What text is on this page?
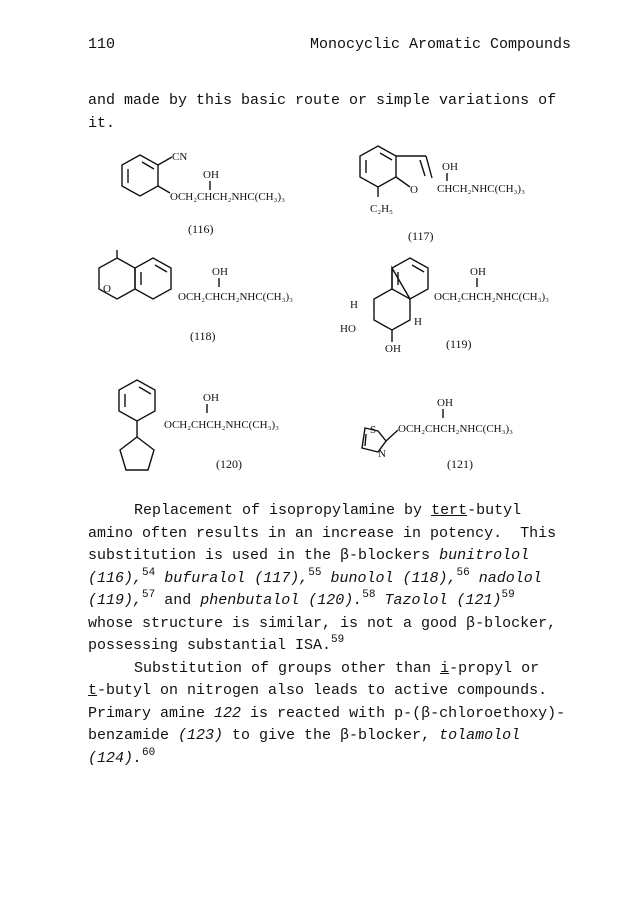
110	Monocyclic Aromatic Compounds
and made by this basic route or simple variations of
it.
CN
OH
OCH₂CHCH₂NHC(CH₃)₃
(116)
O
OH
CHCH₂NHC(CH₃)₃
C₂H₅
(117)
O
OH
OCH₂CHCH₂NHC(CH₃)₃
(118)
H
HO
H
OH
OH
OCH₂CHCH₂NHC(CH₃)₃
(119)
OH
OCH₂CHCH₂NHC(CH₃)₃
(120)
S
N
OH
OCH₂CHCH₂NHC(CH₃)₃
(121)
Replacement of isopropylamine by tert-butyl
amino often results in an increase in potency.  This
substitution is used in the β-blockers bunitrolol
(116),$^{54}$ bufuralol (117),$^{55}$ bunolol (118),$^{56}$ nadolol
(119),$^{57}$ and phenbutalol (120).$^{58}$ Tazolol $(121)^{59}$
whose structure is similar, is not a good β-blocker,
possessing substantial ISA.$^{59}$
Substitution of groups other than i-propyl or
t-butyl on nitrogen also leads to active compounds.
Primary amine 122 is reacted with p-(β-chloroethoxy)-
benzamide (123) to give the β-blocker, tolamolol
(124).$^{60}$
